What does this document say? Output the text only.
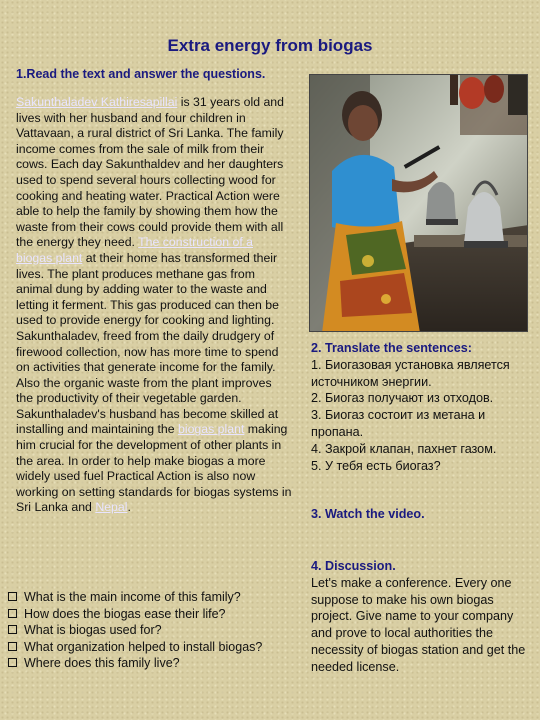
Extra energy from biogas
1.Read the text and answer the questions.
Sakunthaladev Kathiresapillai is 31 years old and lives with her husband and four children in Vattavaan, a rural district of Sri Lanka. The family income comes from the sale of milk from their cows. Each day Sakunthaldev and her daughters used to spend several hours collecting wood for cooking and heating water. Practical Action were able to help the family by showing them how the waste from their cows could provide them with all the energy they need. The construction of a biogas plant at their home has transformed their lives. The plant produces methane gas from animal dung by adding water to the waste and letting it ferment. This gas produced can then be used to provide energy for cooking and lighting. Sakunthaladev, freed from the daily drudgery of firewood collection, now has more time to spend on activities that generate income for the family. Also the organic waste from the plant improves the productivity of their vegetable garden. Sakunthaladev's husband has become skilled at installing and maintaining the biogas plant making him crucial for the development of other plants in the area. In order to help make biogas a more widely used fuel Practical Action is also now working on setting standards for biogas systems in Sri Lanka and Nepal.
What is the main income of this family?
How does the biogas ease their life?
What is biogas used for?
What organization helped to install biogas?
Where does this family live?
2. Translate the sentences:
1. Биогазовая установка является источником энергии.
2. Биогаз получают из отходов.
3. Биогаз состоит из метана и пропана.
4. Закрой клапан, пахнет газом.
5. У тебя есть биогаз?
3. Watch the video.
4. Discussion.
Let's make a conference. Every one suppose to make his own biogas project. Give name to your company and prove to local authorities the necessity of biogas station and get the needed license.
